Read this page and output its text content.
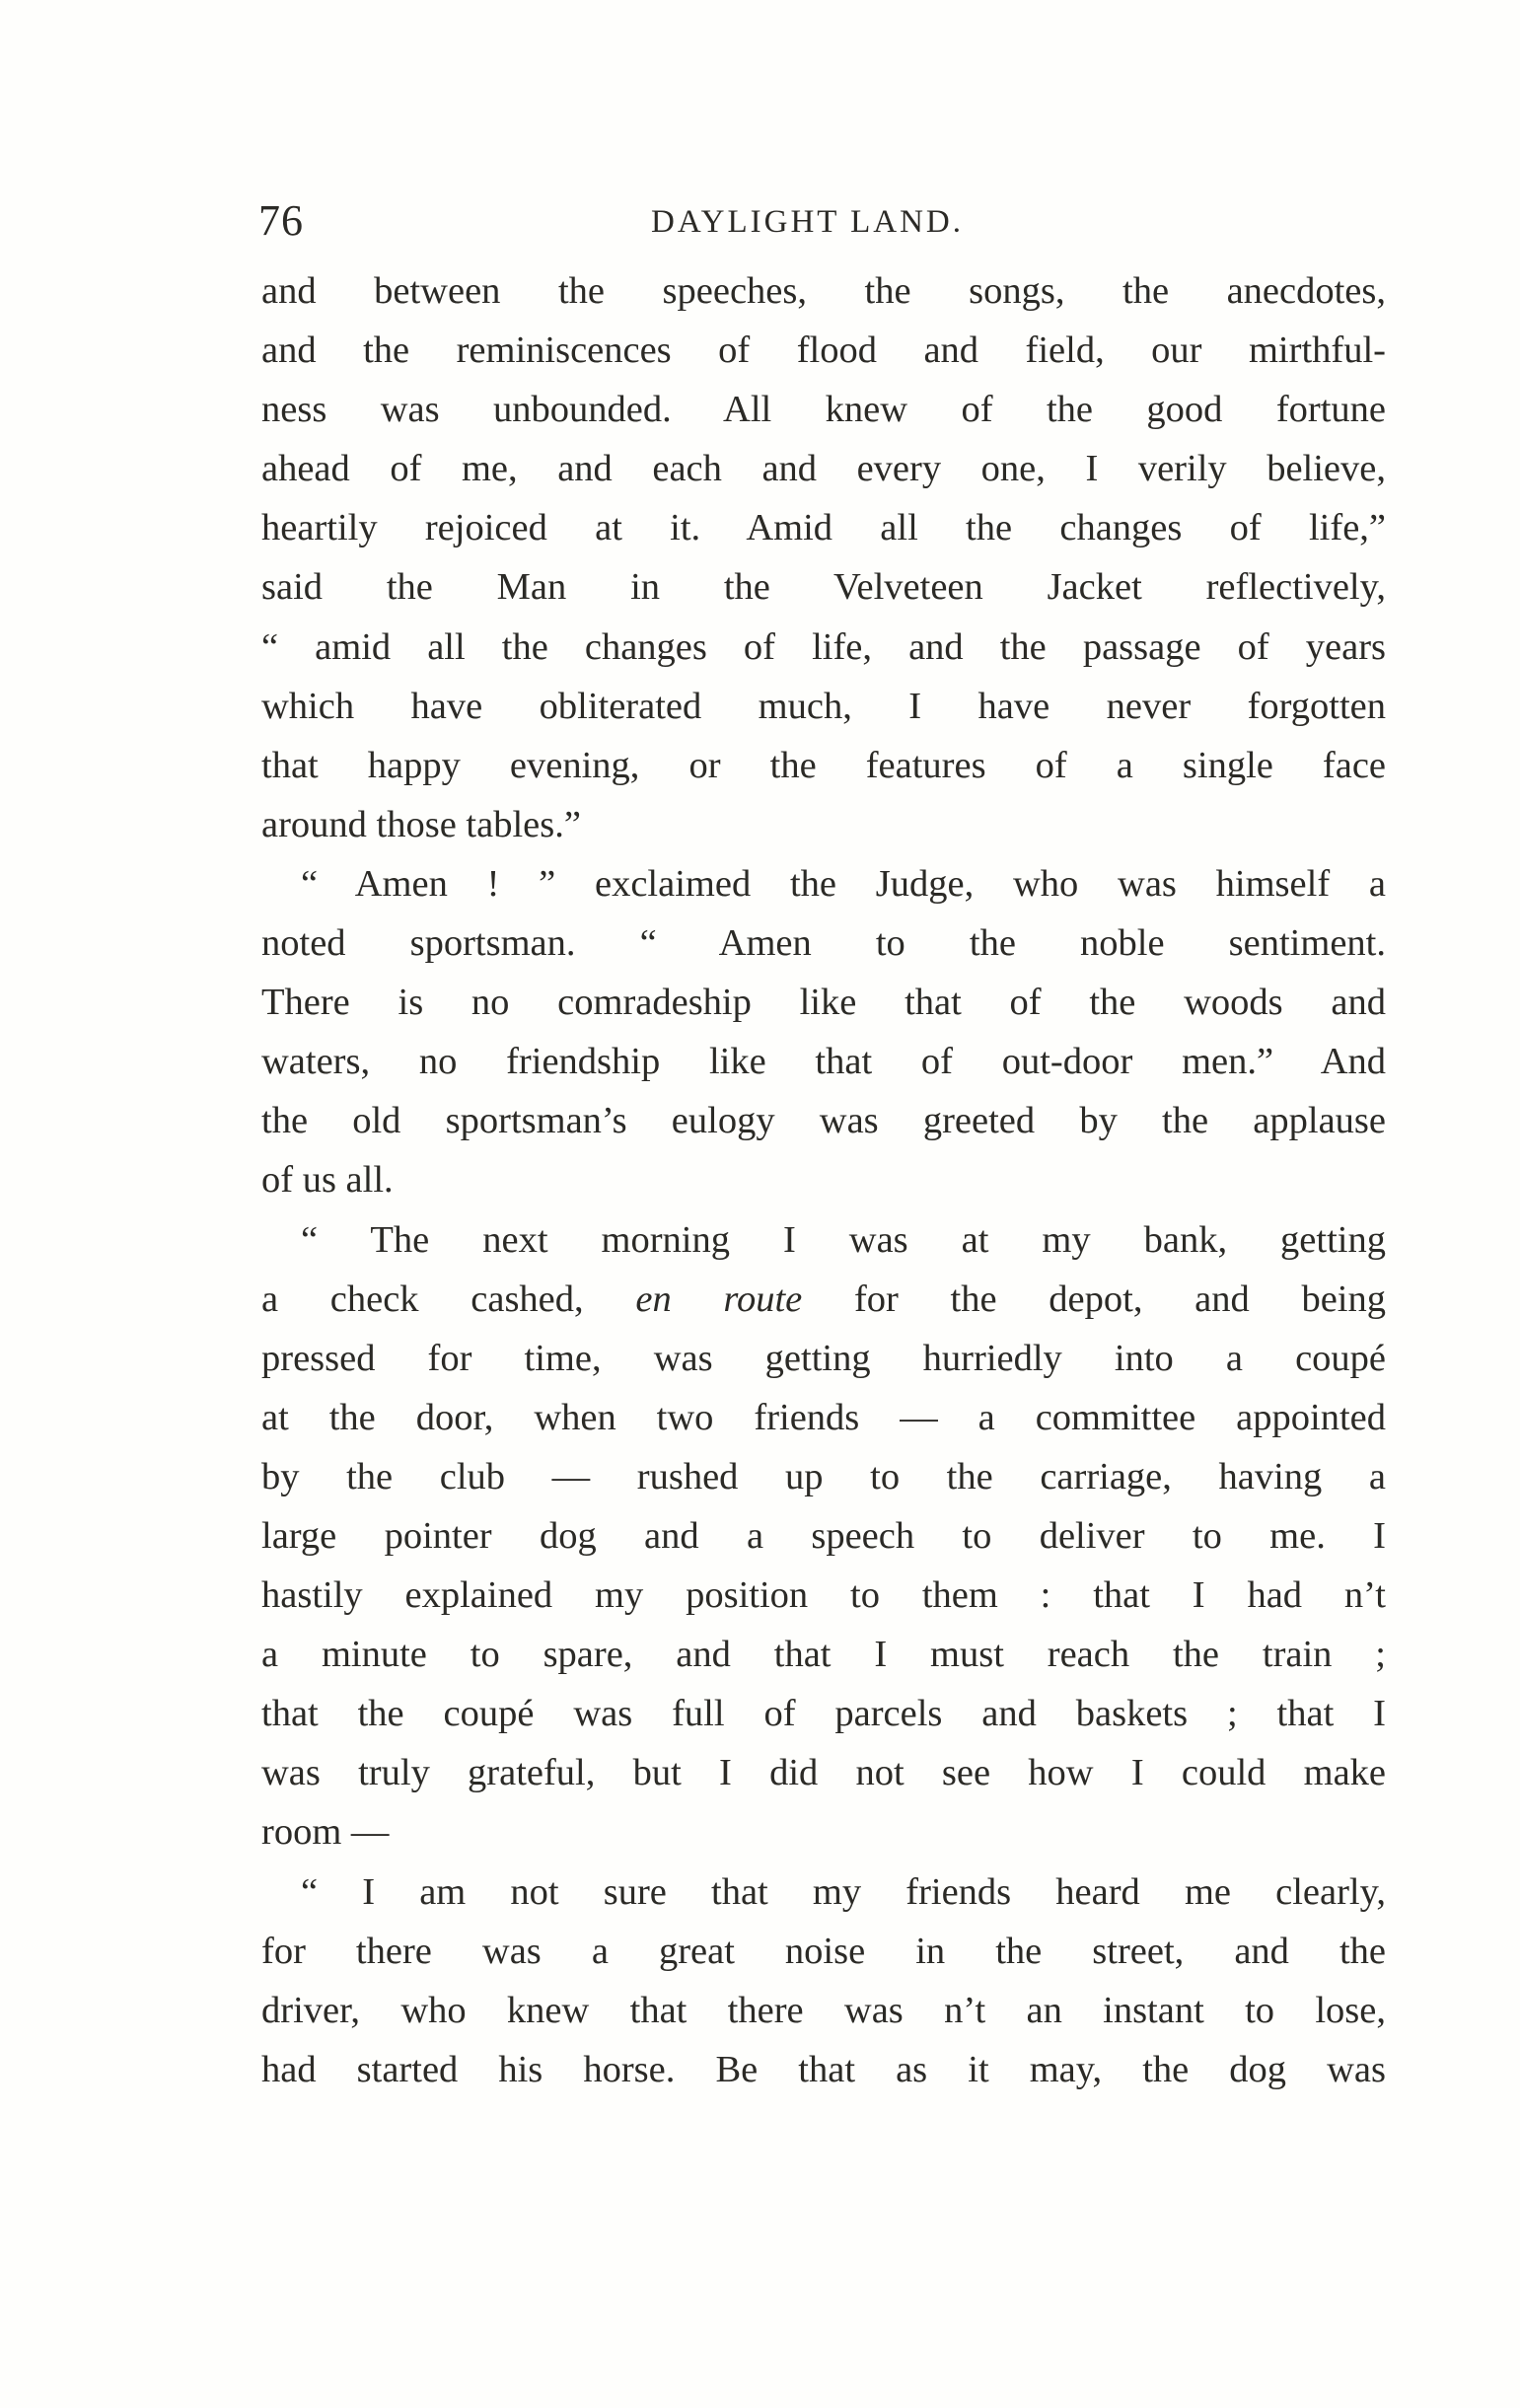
76	DAYLIGHT LAND.
and between the speeches, the songs, the anecdotes,
and the reminiscences of flood and field, our mirthful-
ness was unbounded. All knew of the good fortune
ahead of me, and each and every one, I verily believe,
heartily rejoiced at it. Amid all the changes of life,”
said the Man in the Velveteen Jacket reflectively,
“ amid all the changes of life, and the passage of years
which have obliterated much, I have never forgotten
that happy evening, or the features of a single face
around those tables.”
“ Amen ! ” exclaimed the Judge, who was himself a
noted sportsman. “ Amen to the noble sentiment.
There is no comradeship like that of the woods and
waters, no friendship like that of out-door men.” And
the old sportsman’s eulogy was greeted by the applause
of us all.
“ The next morning I was at my bank, getting
a check cashed, en route for the depot, and being
pressed for time, was getting hurriedly into a coupé
at the door, when two friends — a committee appointed
by the club — rushed up to the carriage, having a
large pointer dog and a speech to deliver to me. I
hastily explained my position to them : that I had n’t
a minute to spare, and that I must reach the train ;
that the coupé was full of parcels and baskets ; that I
was truly grateful, but I did not see how I could make
room —
“ I am not sure that my friends heard me clearly,
for there was a great noise in the street, and the
driver, who knew that there was n’t an instant to lose,
had started his horse. Be that as it may, the dog was
